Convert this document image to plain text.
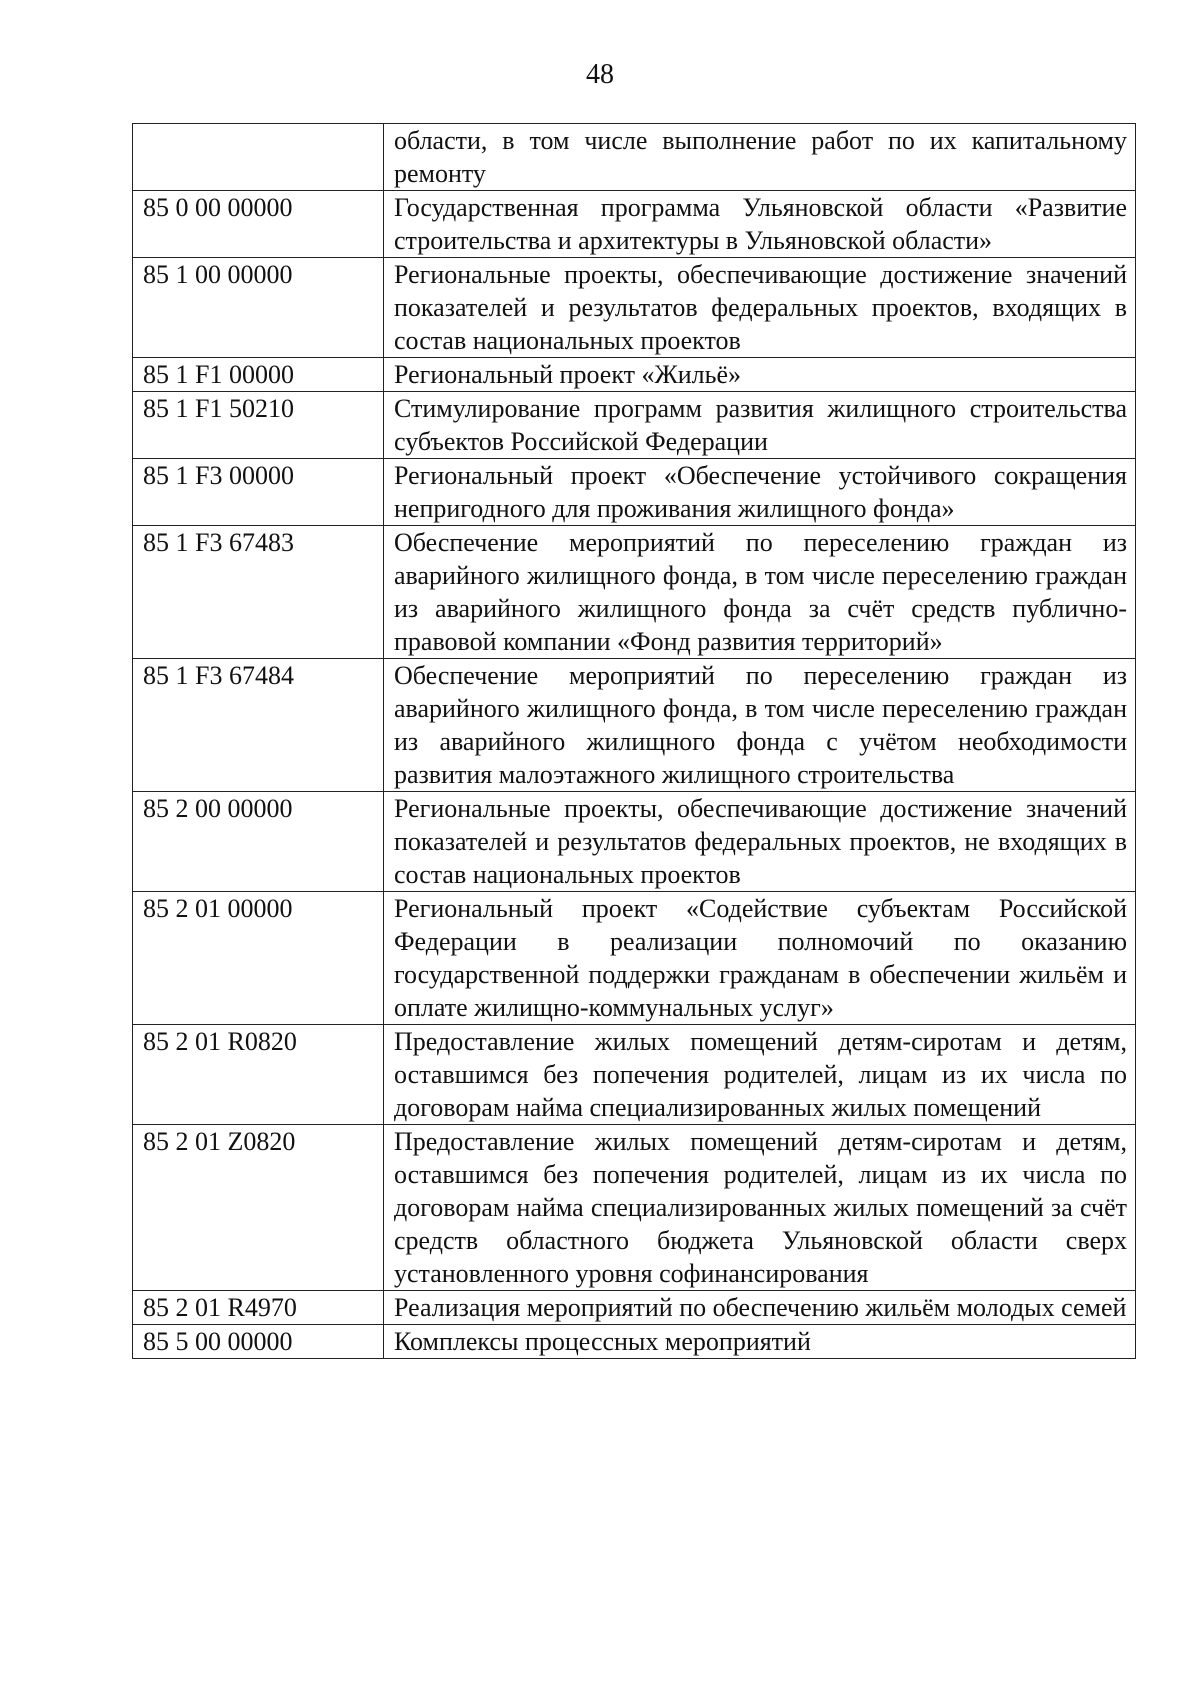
48
	области, в том числе выполнение работ по их капитальному ремонту
85 0 00 00000	Государственная программа Ульяновской области «Развитие строительства и архитектуры в Ульяновской области»
85 1 00 00000	Региональные проекты, обеспечивающие достижение значений показателей и результатов федеральных проектов, входящих в состав национальных проектов
85 1 F1 00000	Региональный проект «Жильё»
85 1 F1 50210	Стимулирование программ развития жилищного строительства субъектов Российской Федерации
85 1 F3 00000	Региональный проект «Обеспечение устойчивого сокращения непригодного для проживания жилищного фонда»
85 1 F3 67483	Обеспечение мероприятий по переселению граждан из аварийного жилищного фонда, в том числе переселению граждан из аварийного жилищного фонда за счёт средств публично-правовой компании «Фонд развития территорий»
85 1 F3 67484	Обеспечение мероприятий по переселению граждан из аварийного жилищного фонда, в том числе переселению граждан из аварийного жилищного фонда с учётом необходимости развития малоэтажного жилищного строительства
85 2 00 00000	Региональные проекты, обеспечивающие достижение значений показателей и результатов федеральных проектов, не входящих в состав национальных проектов
85 2 01 00000	Региональный проект «Содействие субъектам Российской Федерации в реализации полномочий по оказанию государственной поддержки гражданам в обеспечении жильём и оплате жилищно-коммунальных услуг»
85 2 01 R0820	Предоставление жилых помещений детям-сиротам и детям, оставшимся без попечения родителей, лицам из их числа по договорам найма специализированных жилых помещений
85 2 01 Z0820	Предоставление жилых помещений детям-сиротам и детям, оставшимся без попечения родителей, лицам из их числа по договорам найма специализированных жилых помещений за счёт средств областного бюджета Ульяновской области сверх установленного уровня софинансирования
85 2 01 R4970	Реализация мероприятий по обеспечению жильём молодых семей
85 5 00 00000	Комплексы процессных мероприятий
